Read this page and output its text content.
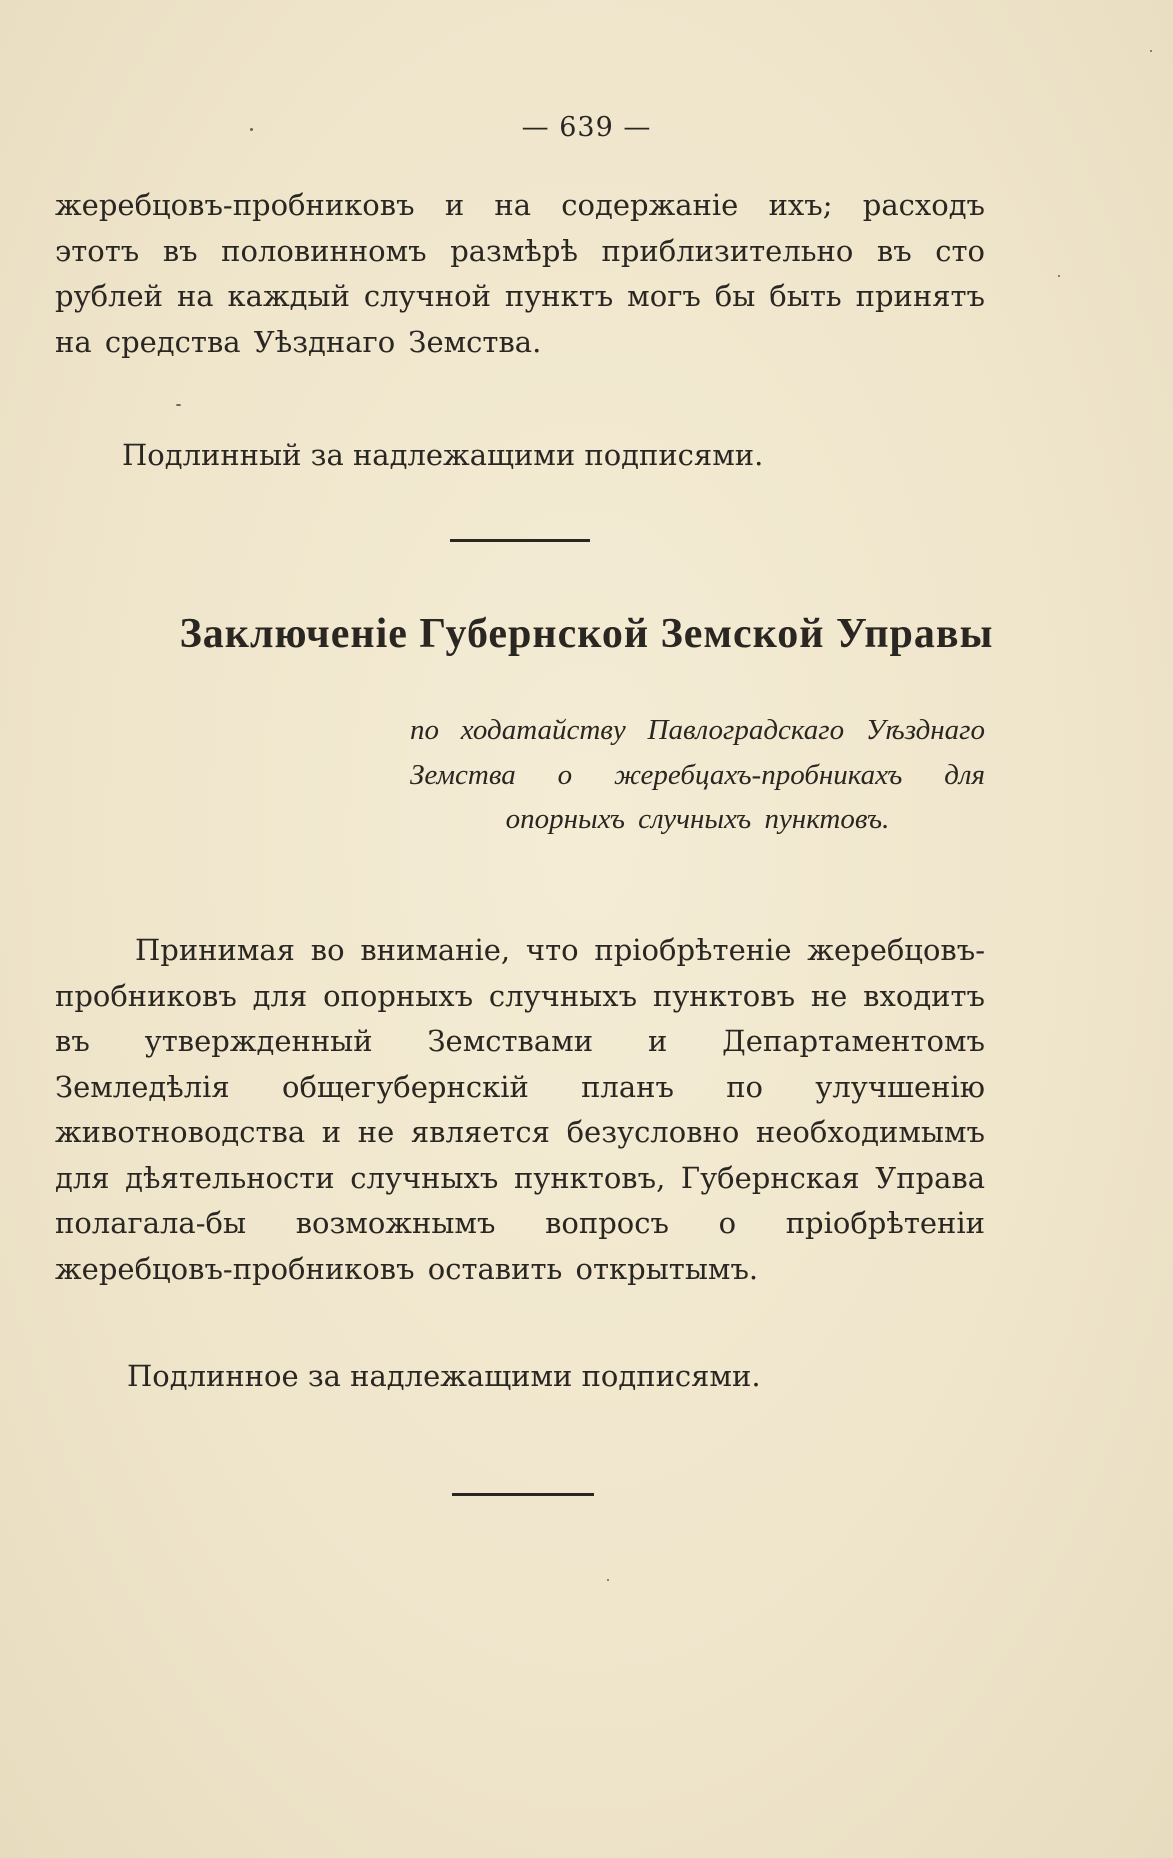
— 639 —
жеребцовъ-пробниковъ и на содержаніе ихъ; расходъ этотъ въ половинномъ размѣрѣ приблизительно въ сто рублей на каждый случной пунктъ могъ бы быть принятъ на средства Уѣзднаго Земства.
Подлинный за надлежащими подписями.
Заключеніе Губернской Земской Управы
по ходатайству Павлоградскаго Уѣзднаго Земства о жеребцахъ-пробникахъ для опорныхъ случныхъ пунктовъ.
Принимая во вниманіе, что пріобрѣтеніе жеребцовъ-пробниковъ для опорныхъ случныхъ пунктовъ не входитъ въ утвержденный Земствами и Департаментомъ Земледѣлія общегубернскій планъ по улучшенію животноводства и не является безусловно необходимымъ для дѣятельности случныхъ пунктовъ, Губернская Управа полагала-бы возможнымъ вопросъ о пріобрѣтеніи жеребцовъ-пробниковъ оставить открытымъ.
Подлинное за надлежащими подписями.
